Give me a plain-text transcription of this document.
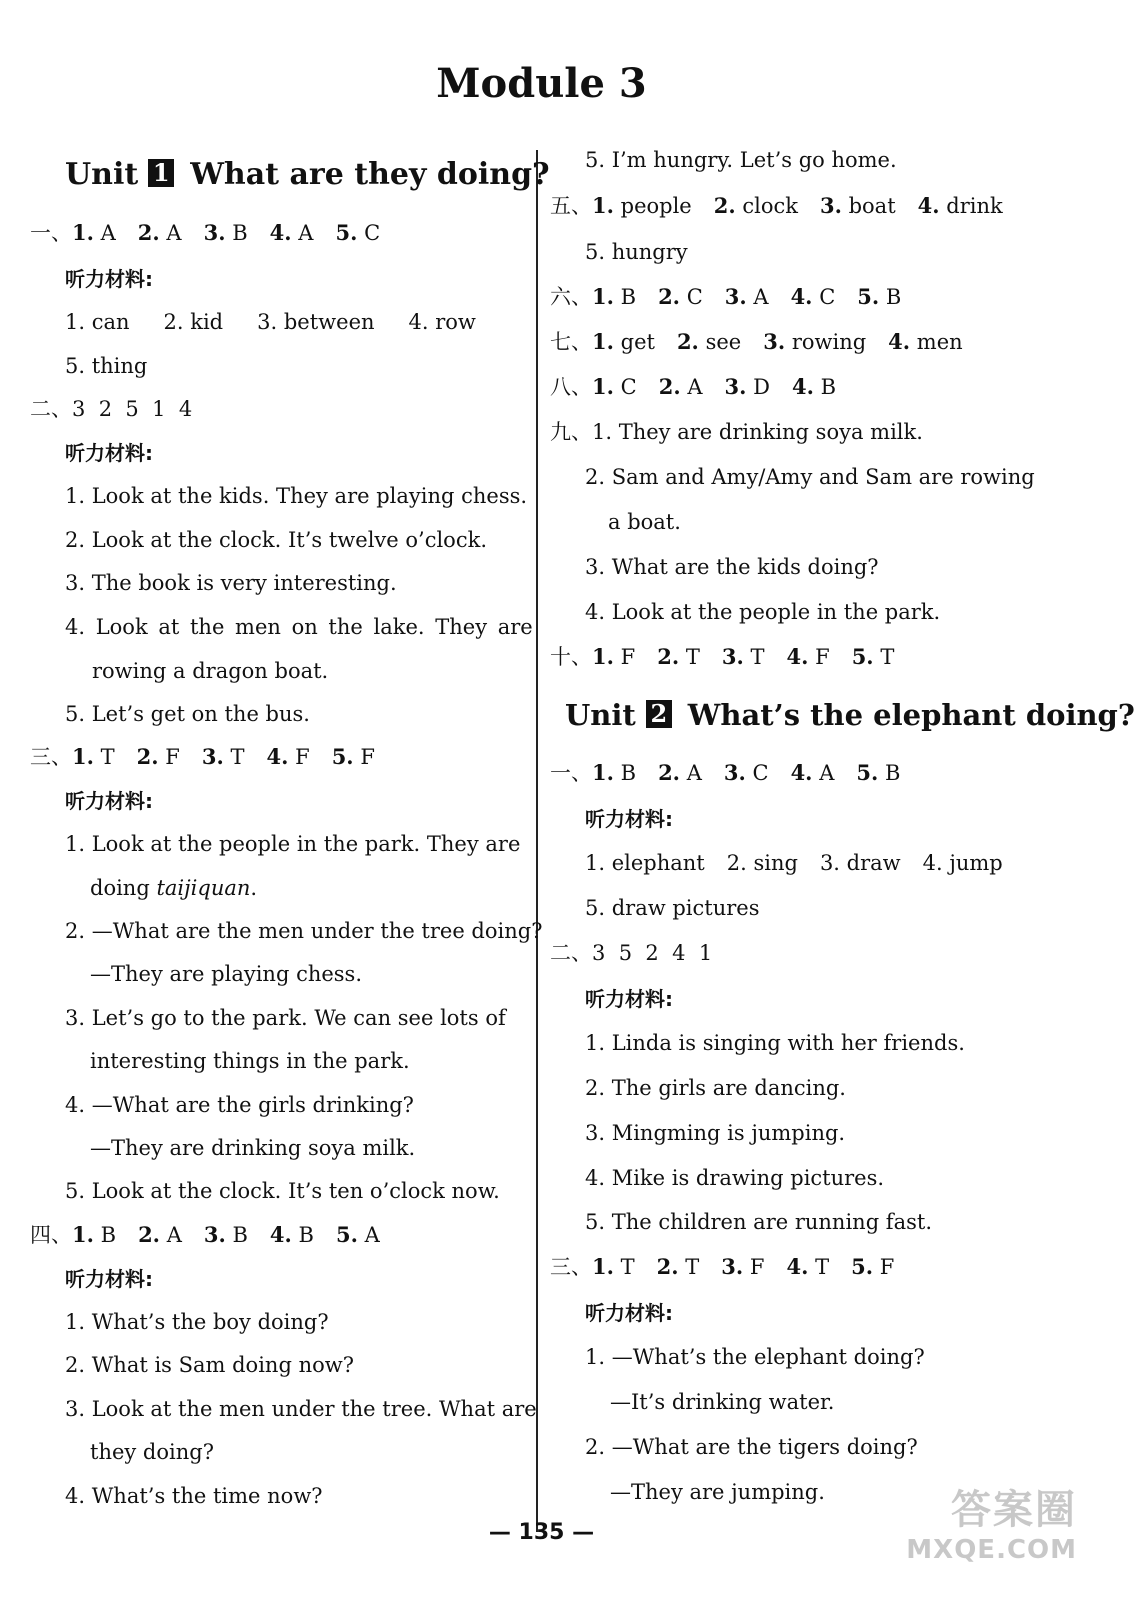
Module 3
Unit 1 What are they doing?
一、1. A 2. A 3. B 4. A 5. C
听力材料:
1. can 2. kid 3. between 4. row
5. thing
二、3  2  5  1  4
听力材料:
1. Look at the kids. They are playing chess.
2. Look at the clock. It’s twelve o’clock.
3. The book is very interesting.
4. Look at the men on the lake. They are
rowing a dragon boat.
5. Let’s get on the bus.
三、1. T 2. F 3. T 4. F 5. F
听力材料:
1. Look at the people in the park. They are
doing taijiquan.
2. —What are the men under the tree doing?
—They are playing chess.
3. Let’s go to the park. We can see lots of
interesting things in the park.
4. —What are the girls drinking?
—They are drinking soya milk.
5. Look at the clock. It’s ten o’clock now.
四、1. B 2. A 3. B 4. B 5. A
听力材料:
1. What’s the boy doing?
2. What is Sam doing now?
3. Look at the men under the tree. What are
they doing?
4. What’s the time now?
5. I’m hungry. Let’s go home.
五、1. people 2. clock 3. boat 4. drink
5. hungry
六、1. B 2. C 3. A 4. C 5. B
七、1. get 2. see 3. rowing 4. men
八、1. C 2. A 3. D 4. B
九、1. They are drinking soya milk.
2. Sam and Amy/Amy and Sam are rowing
a boat.
3. What are the kids doing?
4. Look at the people in the park.
十、1. F 2. T 3. T 4. F 5. T
Unit 2 What’s the elephant doing?
一、1. B 2. A 3. C 4. A 5. B
听力材料:
1. elephant 2. sing 3. draw 4. jump
5. draw pictures
二、3  5  2  4  1
听力材料:
1. Linda is singing with her friends.
2. The girls are dancing.
3. Mingming is jumping.
4. Mike is drawing pictures.
5. The children are running fast.
三、1. T 2. T 3. F 4. T 5. F
听力材料:
1. —What’s the elephant doing?
—It’s drinking water.
2. —What are the tigers doing?
—They are jumping.
— 135 —	答案圈
MXQE.COM
